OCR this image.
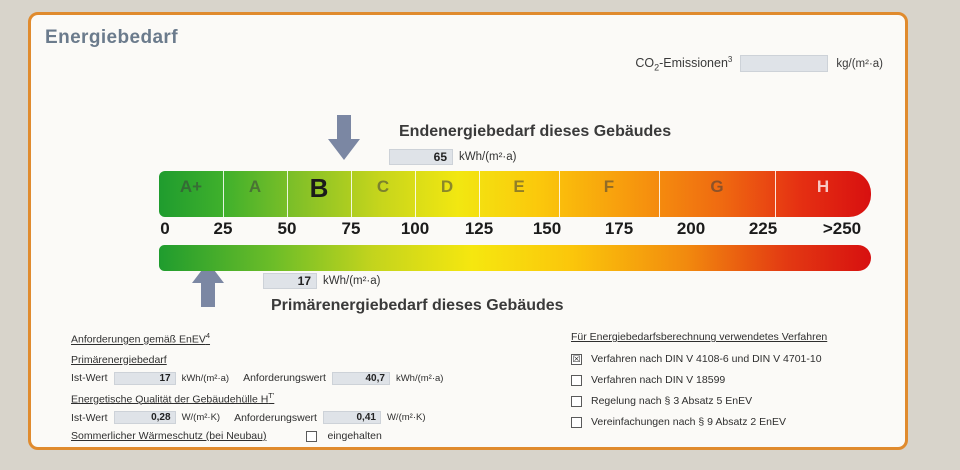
Energiebedarf
$CO_2-Emissionen^3$	kg/(m²·a)
Endenergiebedarf dieses Gebäudes
65	kWh/(m²·a)
A+	A	B	C	D	E	F	G	H
0	25	50	75	100	125	150	175	200	225	>250
17	kWh/(m²·a)
Primärenergiebedarf dieses Gebäudes
Anforderungen gemäß EnEV$^4$
Primärenergiebedarf
Ist-Wert	17	kWh/(m²·a) Anforderungswert	40,7	kWh/(m²·a)
Energetische Qualität der Gebäudehülle $H^{T'}$
Ist-Wert	0,28	W/(m²·K) Anforderungswert	0,41	W/(m²·K)
Sommerlicher Wärmeschutz (bei Neubau)	eingehalten
Für Energiebedarfsberechnung verwendetes Verfahren
☒ Verfahren nach DIN V 4108-6 und DIN V 4701-10
Verfahren nach DIN V 18599
Regelung nach § 3 Absatz 5 EnEV
Vereinfachungen nach § 9 Absatz 2 EnEV
